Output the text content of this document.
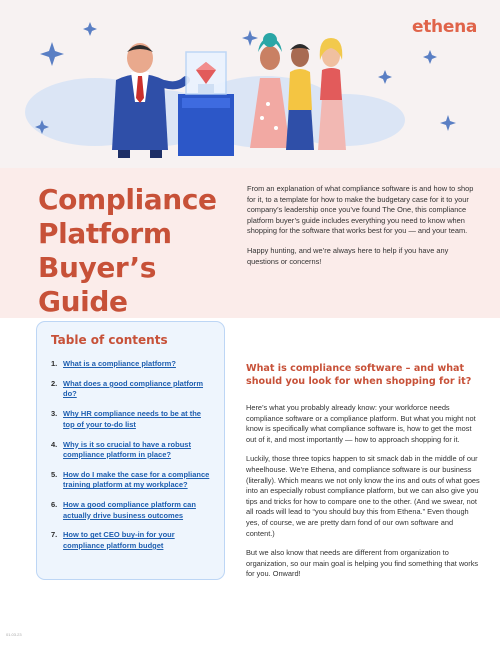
ethena
Compliance
Platform
Buyer’s Guide

From an explanation of what compliance software is and how to shop for it, to a template for how to make the budgetary case for it to your company’s leadership once you’ve found The One, this compliance platform buyer’s guide includes everything you need to know when shopping for the software that works best for you — and your team.

Happy hunting, and we’re always here to help if you have any questions or concerns!

Table of contents
1. What is a compliance platform?
2. What does a good compliance platform do?
3. Why HR compliance needs to be at the top of your to-do list
4. Why is it so crucial to have a robust compliance platform in place?
5. How do I make the case for a compliance training platform at my workplace?
6. How a good compliance platform can actually drive business outcomes
7. How to get CEO buy-in for your compliance platform budget
What is compliance software – and what should you look for when shopping for it?

Here’s what you probably already know: your workforce needs compliance software or a compliance platform. But what you might not know is specifically what compliance software is, how to get the most out of it, and most importantly — how to approach shopping for it.

Luckily, those three topics happen to sit smack dab in the middle of our wheelhouse. We’re Ethena, and compliance software is our business (literally). Which means we not only know the ins and outs of what goes into an especially robust compliance platform, but we can also give you tips and tricks for how to compare one to the other. (And we swear, not all roads will lead to “you should buy this from Ethena.” Even though yes, of course, we are pretty darn fond of our own software and content.)

But we also know that needs are different from organization to organization, so our main goal is helping you find something that works for you. Onward!

01.03.23
